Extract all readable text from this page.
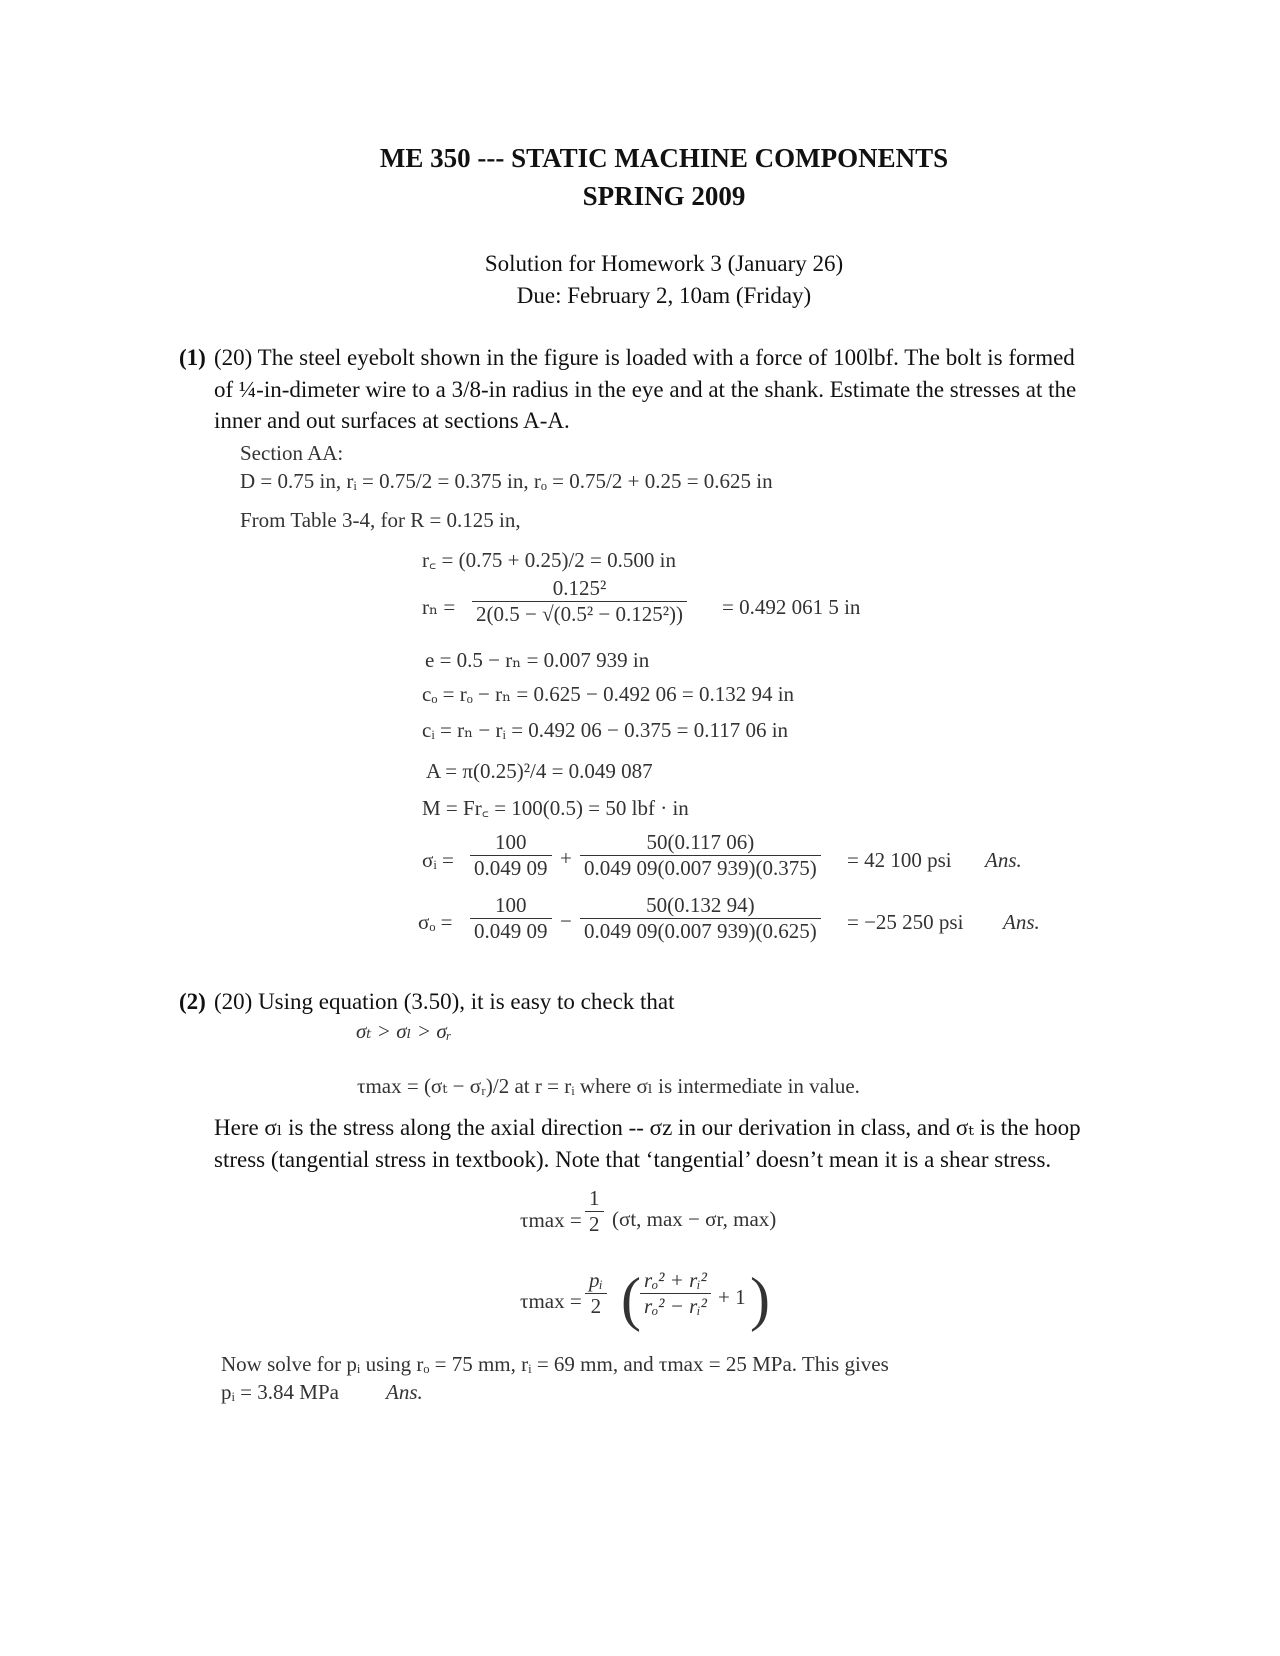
ME 350 --- STATIC MACHINE COMPONENTS
SPRING 2009
Solution for Homework 3 (January 26)
Due: February 2, 10am (Friday)
(1) (20) The steel eyebolt shown in the figure is loaded with a force of 100lbf. The bolt is formed
of ¼-in-dimeter wire to a 3/8-in radius in the eye and at the shank. Estimate the stresses at the
inner and out surfaces at sections A-A.
Section AA:
D = 0.75 in, rᵢ = 0.75/2 = 0.375 in, rₒ = 0.75/2 + 0.25 = 0.625 in
From Table 3-4, for R = 0.125 in,
r꜀ = (0.75 + 0.25)/2 = 0.500 in
$r_n = \frac{\text{0.125²}}{\text{2(0.5 − √(0.5² − 0.125²))}} = 0.492$ 061 5 in
e = 0.5 − rₙ = 0.007 939 in
cₒ = rₒ − rₙ = 0.625 − 0.492 06 = 0.132 94 in
cᵢ = rₙ − rᵢ = 0.492 06 − 0.375 = 0.117 06 in
A = π(0.25)²/4 = 0.049 087
M = Fr꜀ = 100(0.5) = 50 lbf · in
σᵢ = $\frac{100}{0.049 09} + \frac{50(0.117 06)}{0.049 09(0.007 939)(0.375)} = 42$ 100 psi Ans.
$\sigma_o = \frac{100}{0.049 09} - \frac{50(0.132 94)}{0.049 09(0.007 939)(0.625)} = -25$ 250 psi Ans.
(2) (20) Using equation (3.50), it is easy to check that
σₜ > σₗ > σᵣ
τmax = (σₜ − σᵣ)/2 at r = rᵢ where σₗ is intermediate in value.
Here σₗ is the stress along the axial direction -- σz in our derivation in class, and σₜ is the hoop
stress (tangential stress in textbook). Note that ‘tangential’ doesn’t mean it is a shear stress.
$\tau\max = \frac{1}{2} (\sigma t$, max − σr, max)
$\tau\max = \frac{\text{pᵢ}}{2}$ ( $\frac{\text{rₒ² + rᵢ²}}{\text{rₒ² − rᵢ²}} + 1$ )
Now solve for pᵢ using rₒ = 75 mm, rᵢ = 69 mm, and τmax = 25 MPa. This gives
pᵢ = 3.84 MPa Ans.
